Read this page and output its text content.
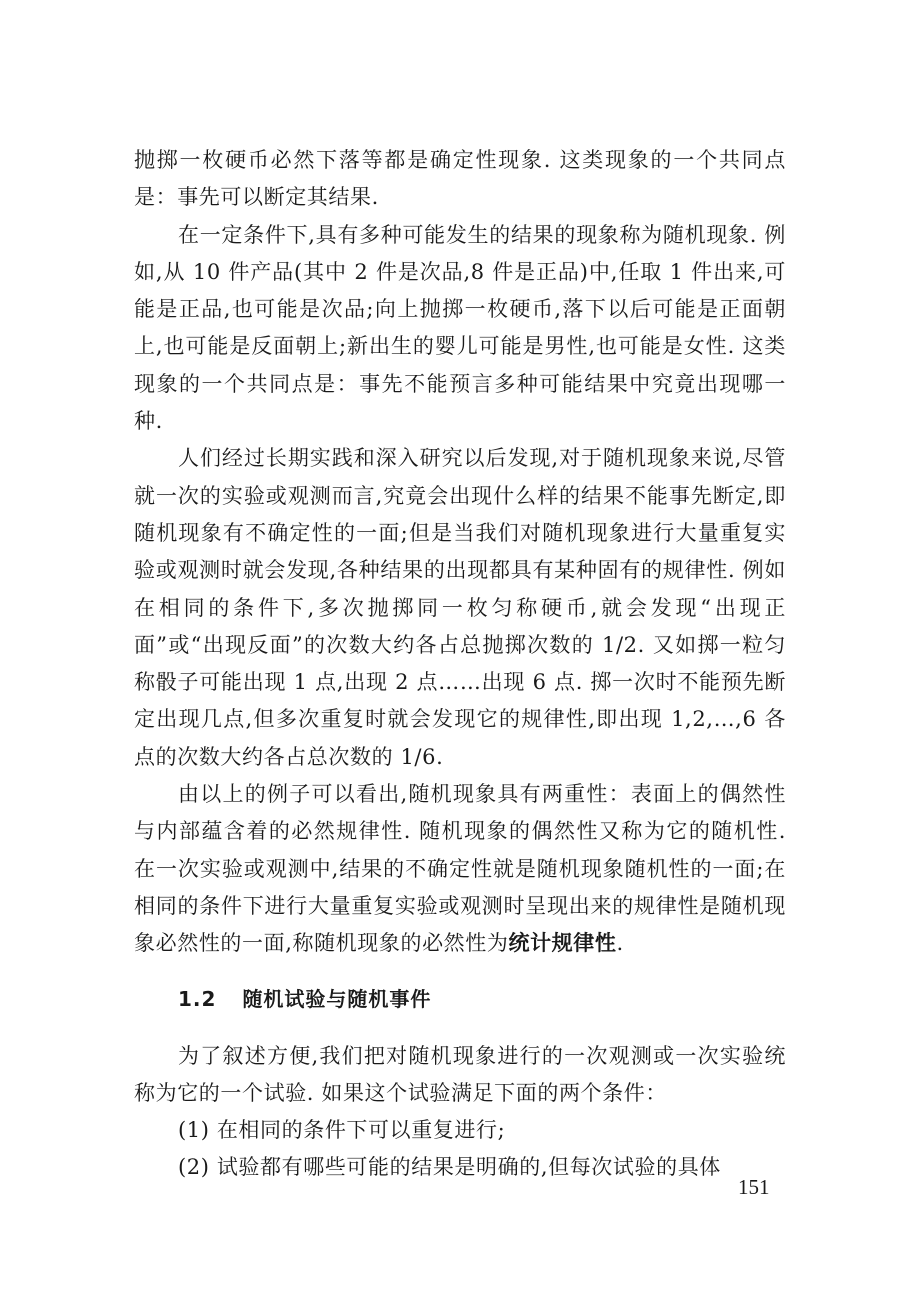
抛掷一枚硬币必然下落等都是确定性现象. 这类现象的一个共同点是：事先可以断定其结果.

在一定条件下,具有多种可能发生的结果的现象称为随机现象. 例如,从 10 件产品(其中 2 件是次品,8 件是正品)中,任取 1 件出来,可能是正品,也可能是次品;向上抛掷一枚硬币,落下以后可能是正面朝上,也可能是反面朝上;新出生的婴儿可能是男性,也可能是女性. 这类现象的一个共同点是：事先不能预言多种可能结果中究竟出现哪一种.

人们经过长期实践和深入研究以后发现,对于随机现象来说,尽管就一次的实验或观测而言,究竟会出现什么样的结果不能事先断定,即随机现象有不确定性的一面;但是当我们对随机现象进行大量重复实验或观测时就会发现,各种结果的出现都具有某种固有的规律性. 例如在相同的条件下,多次抛掷同一枚匀称硬币,就会发现“出现正面”或“出现反面”的次数大约各占总抛掷次数的 1/2. 又如掷一粒匀称骰子可能出现 1 点,出现 2 点……出现 6 点. 掷一次时不能预先断定出现几点,但多次重复时就会发现它的规律性,即出现 1,2,…,6 各点的次数大约各占总次数的 1/6.

由以上的例子可以看出,随机现象具有两重性：表面上的偶然性与内部蕴含着的必然规律性. 随机现象的偶然性又称为它的随机性. 在一次实验或观测中,结果的不确定性就是随机现象随机性的一面;在相同的条件下进行大量重复实验或观测时呈现出来的规律性是随机现象必然性的一面,称随机现象的必然性为统计规律性.

1.2 随机试验与随机事件

为了叙述方便,我们把对随机现象进行的一次观测或一次实验统称为它的一个试验. 如果这个试验满足下面的两个条件：

(1) 在相同的条件下可以重复进行;

(2) 试验都有哪些可能的结果是明确的,但每次试验的具体

151
